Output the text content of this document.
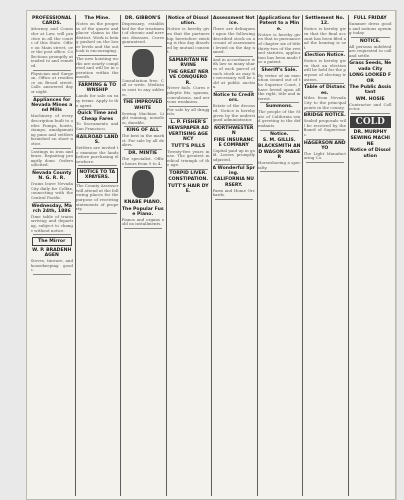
PROFESSIONAL CARDS.
Attorney and Counselor at Law, will practice in all the courts of this State. Office on Main street, over the post office. Collections promptly attended to and remitted.
Physician and Surgeon. Office at residence on Broad street. Calls answered day or night.
Appliances for Nevada Mines and Mills
Machinery of every description built to order. Pumps, hoists, stamps, amalgamating pans and settlers furnished on short notice.
Castings in iron and brass. Repairing promptly done. Orders solicited.
Nevada County N. G. R. R.
Trains leave Nevada City daily for Colfax, connecting with the Central Pacific.
Wednesday, March 24th, 1886
Time table of trains arriving and departing, subject to change without notice.
The Mirror
W. P. BRADENHAGEN
Stoves, tinware, and housekeeping goods.
The Mine.
Notes on the progress of the quartz and placer claims in the district. Work is being pushed on the lower levels and the outlook is encouraging.
The new hoisting works are nearly completed and will be in operation within the month.
FARMING & TOWNSHIP
Lands for sale on easy terms. Apply to the agent.
Quick Time and Cheap Fares
To Sacramento and San Francisco.
RAILROAD LANDS.
Settlers are invited to examine the lands before purchasing elsewhere.
NOTICE TO TAXPAYERS.
The County Assessor will attend at the following places for the purpose of receiving statements of property.
DR. GIBBON'S
Dispensary, established for the treatment of chronic and nervous diseases. Cures guaranteed.
Consultation free. Call or write. Medicines sent to any address.
THE IMPROVED WHITE
Sewing Machine. Light running, noiseless, durable.
KING OF ALL
The best in the market. For sale by all dealers.
DR. MINTIE
The specialist. Office hours from 9 to 4.
KNABE PIANO.
The Popular Fuse Piano.
Pianos and organs sold on installments.
Notice of Dissolution.
Notice is hereby given that the partnership heretofore existing is this day dissolved by mutual consent.
SAMARITAN NERVINE
THE GREAT NERVE CONQUEROR.
Never fails. Cures epileptic fits, spasms, convulsions, and nervous weakness.
For sale by all druggists.
L. P. FISHER'S
NEWSPAPER ADVERTISING AGENCY
TUTT'S PILLS
Twenty-five years in use. The greatest medical triumph of the age.
TORPID LIVER.
CONSTIPATION.
TUTT'S HAIR DYE.
Assessment Notice.
There are delinquent upon the following described stock on account of assessment levied on the day named.
And in accordance with law so many shares of each parcel of such stock as may be necessary will be sold at public auction.
Notice to Creditors.
Estate of the deceased. Notice is hereby given by the undersigned administrator.
NORTHWESTERN
FIRE INSURANCE COMPANY
Capital paid up in gold. Losses promptly adjusted.
A Wonderful Spring.
CALIFORNIA NURSERY.
Farm and Home Orchards.
Applications for Patent to a Mine.
Notice is hereby given that in pursuance of chapter six of title thirty-two of the revised statutes, application has been made for a patent.
Sheriff's Sale.
By virtue of an execution issued out of the Superior Court, I have levied upon all the right, title and interest.
Summons.
The people of the State of California send greeting to the defendants.
Notice.
S. M. GILLIS.
BLACKSMITH AND WAGON MAKER
Horseshoeing a specialty.
Settlement No. 12.
Notice is hereby given that the final account has been filed and the hearing is set.
Election Notice.
Notice is hereby given that an election will be held for the purpose of electing trustees.
Table of Distances.
Miles from Nevada City to the principal points in the county.
BRIDGE NOTICE.
Sealed proposals will be received by the Board of Supervisors.
HAGERSON AND YO
The Light Manufacturing Co.
FULL FRIDAY
Summer dress goods and notions opening today.
NOTICE.
All persons indebted are requested to call and settle.
Grass Seeds, Nevada City
LONG LOOKED FOR
The Public Assistant
WM. HOSIE
Contractor and Collector.
COLD
DR. MURPHY
SEWING MACHINE
Notice of Dissolution
